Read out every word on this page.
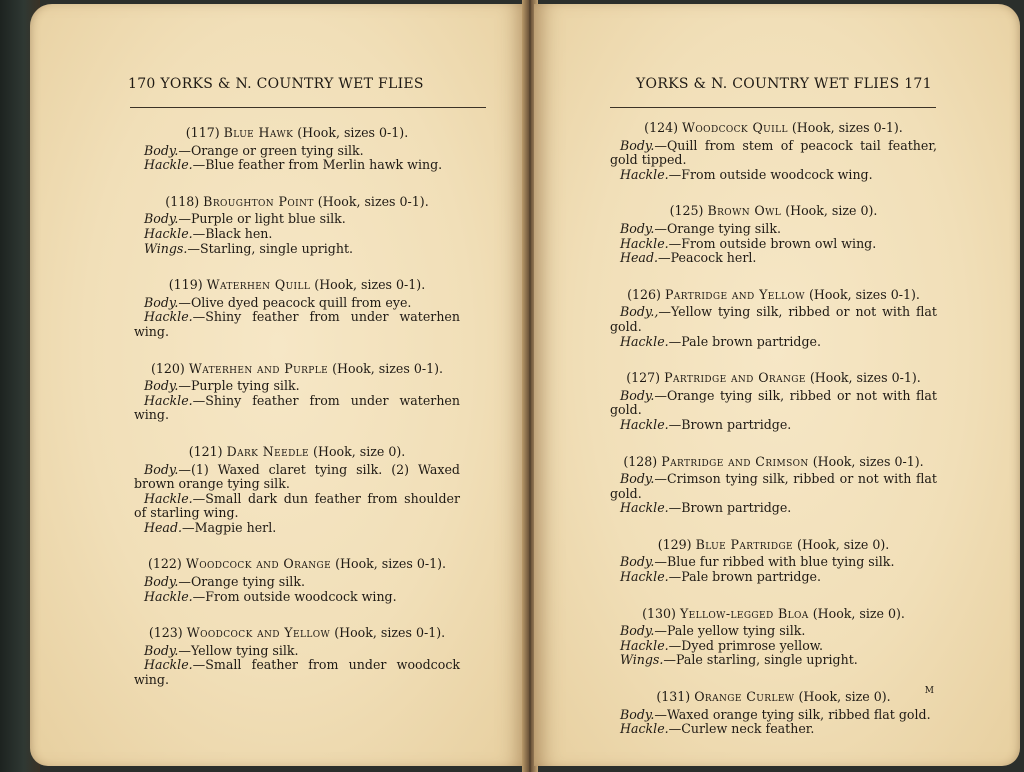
170 YORKS & N. COUNTRY WET FLIES
(117) Blue Hawk (Hook, sizes 0-1).
Body.—Orange or green tying silk.
Hackle.—Blue feather from Merlin hawk wing.
(118) Broughton Point (Hook, sizes 0-1).
Body.—Purple or light blue silk.
Hackle.—Black hen.
Wings.—Starling, single upright.
(119) Waterhen Quill (Hook, sizes 0-1).
Body.—Olive dyed peacock quill from eye.
Hackle.—Shiny feather from under waterhen wing.
(120) Waterhen and Purple (Hook, sizes 0-1).
Body.—Purple tying silk.
Hackle.—Shiny feather from under waterhen wing.
(121) Dark Needle (Hook, size 0).
Body.—(1) Waxed claret tying silk. (2) Waxed brown orange tying silk.
Hackle.—Small dark dun feather from shoulder of starling wing.
Head.—Magpie herl.
(122) Woodcock and Orange (Hook, sizes 0-1).
Body.—Orange tying silk.
Hackle.—From outside woodcock wing.
(123) Woodcock and Yellow (Hook, sizes 0-1).
Body.—Yellow tying silk.
Hackle.—Small feather from under woodcock wing.
YORKS & N. COUNTRY WET FLIES 171
(124) Woodcock Quill (Hook, sizes 0-1).
Body.—Quill from stem of peacock tail feather, gold tipped.
Hackle.—From outside woodcock wing.
(125) Brown Owl (Hook, size 0).
Body.—Orange tying silk.
Hackle.—From outside brown owl wing.
Head.—Peacock herl.
(126) Partridge and Yellow (Hook, sizes 0-1).
Body.,—Yellow tying silk, ribbed or not with flat gold.
Hackle.—Pale brown partridge.
(127) Partridge and Orange (Hook, sizes 0-1).
Body.—Orange tying silk, ribbed or not with flat gold.
Hackle.—Brown partridge.
(128) Partridge and Crimson (Hook, sizes 0-1).
Body.—Crimson tying silk, ribbed or not with flat gold.
Hackle.—Brown partridge.
(129) Blue Partridge (Hook, size 0).
Body.—Blue fur ribbed with blue tying silk.
Hackle.—Pale brown partridge.
(130) Yellow-legged Bloa (Hook, size 0).
Body.—Pale yellow tying silk.
Hackle.—Dyed primrose yellow.
Wings.—Pale starling, single upright.
(131) Orange Curlew (Hook, size 0).
Body.—Waxed orange tying silk, ribbed flat gold.
Hackle.—Curlew neck feather.
M
